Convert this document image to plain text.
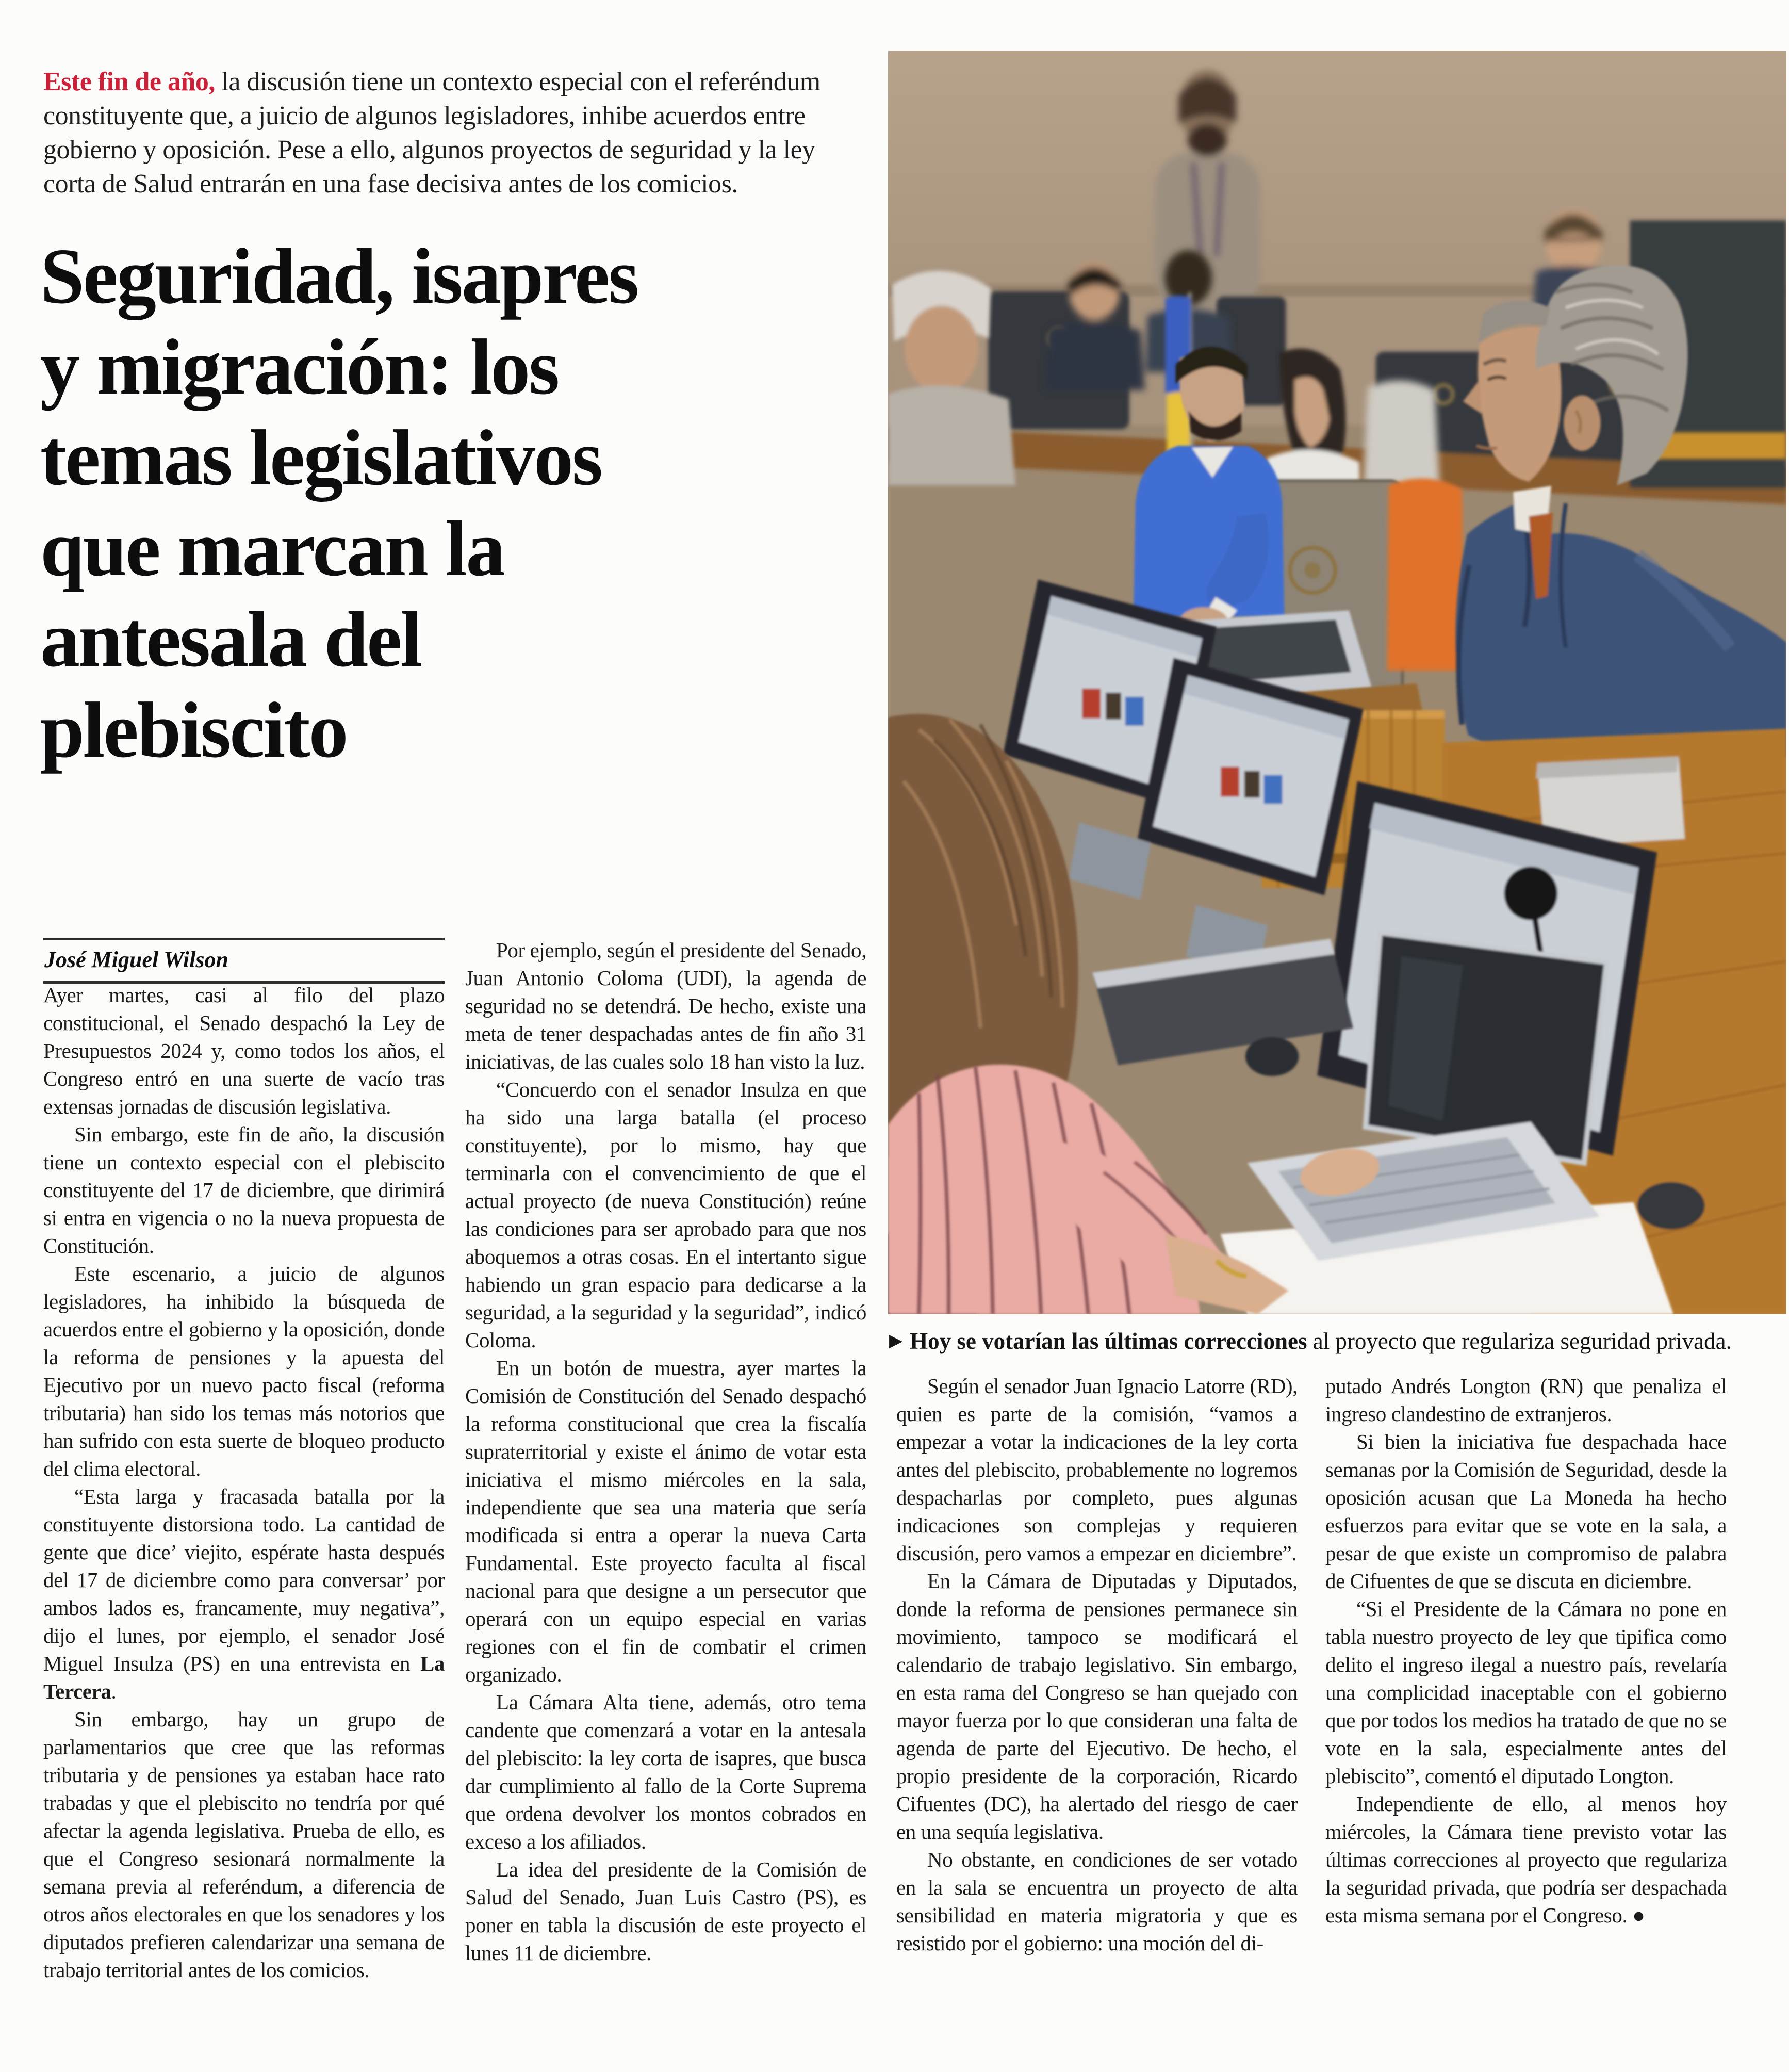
Este fin de año, la discusión tiene un contexto especial con el referéndum constituyente que, a juicio de algunos legisladores, inhibe acuerdos entre gobierno y oposición. Pese a ello, algunos proyectos de seguridad y la ley corta de Salud entrarán en una fase decisiva antes de los comicios.

Seguridad, isapres
y migración: los
temas legislativos
que marcan la
antesala del
plebiscito
José Miguel Wilson

Ayer martes, casi al filo del plazo constitucional, el Senado despachó la Ley de Presupuestos 2024 y, como todos los años, el Congreso entró en una suerte de vacío tras extensas jornadas de discusión legislativa.

Sin embargo, este fin de año, la discusión tiene un contexto especial con el plebiscito constituyente del 17 de diciembre, que dirimirá si entra en vigencia o no la nueva propuesta de Constitución.

Este escenario, a juicio de algunos legisladores, ha inhibido la búsqueda de acuerdos entre el gobierno y la oposición, donde la reforma de pensiones y la apuesta del Ejecutivo por un nuevo pacto fiscal (reforma tributaria) han sido los temas más notorios que han sufrido con esta suerte de bloqueo producto del clima electoral.

“Esta larga y fracasada batalla por la constituyente distorsiona todo. La cantidad de gente que dice’ viejito, espérate hasta después del 17 de diciembre como para conversar’ por ambos lados es, francamente, muy negativa”, dijo el lunes, por ejemplo, el senador José Miguel Insulza (PS) en una entrevista en La Tercera.

Sin embargo, hay un grupo de parlamentarios que cree que las reformas tributaria y de pensiones ya estaban hace rato trabadas y que el plebiscito no tendría por qué afectar la agenda legislativa. Prueba de ello, es que el Congreso sesionará normalmente la semana previa al referéndum, a diferencia de otros años electorales en que los senadores y los diputados prefieren calendarizar una semana de trabajo territorial antes de los comicios.

Por ejemplo, según el presidente del Senado, Juan Antonio Coloma (UDI), la agenda de seguridad no se detendrá. De hecho, existe una meta de tener despachadas antes de fin año 31 iniciativas, de las cuales solo 18 han visto la luz.

“Concuerdo con el senador Insulza en que ha sido una larga batalla (el proceso constituyente), por lo mismo, hay que terminarla con el convencimiento de que el actual proyecto (de nueva Constitución) reúne las condiciones para ser aprobado para que nos aboquemos a otras cosas. En el intertanto sigue habiendo un gran espacio para dedicarse a la seguridad, a la seguridad y la seguridad”, indicó Coloma.

En un botón de muestra, ayer martes la Comisión de Constitución del Senado despachó la reforma constitucional que crea la fiscalía supraterritorial y existe el ánimo de votar esta iniciativa el mismo miércoles en la sala, independiente que sea una materia que sería modificada si entra a operar la nueva Carta Fundamental. Este proyecto faculta al fiscal nacional para que designe a un persecutor que operará con un equipo especial en varias regiones con el fin de combatir el crimen organizado.

La Cámara Alta tiene, además, otro tema candente que comenzará a votar en la antesala del plebiscito: la ley corta de isapres, que busca dar cumplimiento al fallo de la Corte Suprema que ordena devolver los montos cobrados en exceso a los afiliados.

La idea del presidente de la Comisión de Salud del Senado, Juan Luis Castro (PS), es poner en tabla la discusión de este proyecto el lunes 11 de diciembre.

Según el senador Juan Ignacio Latorre (RD), quien es parte de la comisión, “vamos a empezar a votar la indicaciones de la ley corta antes del plebiscito, probablemente no logremos despacharlas por completo, pues algunas indicaciones son complejas y requieren discusión, pero vamos a empezar en diciembre”.

En la Cámara de Diputadas y Diputados, donde la reforma de pensiones permanece sin movimiento, tampoco se modificará el calendario de trabajo legislativo. Sin embargo, en esta rama del Congreso se han quejado con mayor fuerza por lo que consideran una falta de agenda de parte del Ejecutivo. De hecho, el propio presidente de la corporación, Ricardo Cifuentes (DC), ha alertado del riesgo de caer en una sequía legislativa.

No obstante, en condiciones de ser votado en la sala se encuentra un proyecto de alta sensibilidad en materia migratoria y que es resistido por el gobierno: una moción del di-

putado Andrés Longton (RN) que penaliza el ingreso clandestino de extranjeros.

Si bien la iniciativa fue despachada hace semanas por la Comisión de Seguridad, desde la oposición acusan que La Moneda ha hecho esfuerzos para evitar que se vote en la sala, a pesar de que existe un compromiso de palabra de Cifuentes de que se discuta en diciembre.

“Si el Presidente de la Cámara no pone en tabla nuestro proyecto de ley que tipifica como delito el ingreso ilegal a nuestro país, revelaría una complicidad inaceptable con el gobierno que por todos los medios ha tratado de que no se vote en la sala, especialmente antes del plebiscito”, comentó el diputado Longton.

Independiente de ello, al menos hoy miércoles, la Cámara tiene previsto votar las últimas correcciones al proyecto que regulariza la seguridad privada, que podría ser despachada esta misma semana por el Congreso. ●

▶ Hoy se votarían las últimas correcciones al proyecto que regulariza seguridad privada.
